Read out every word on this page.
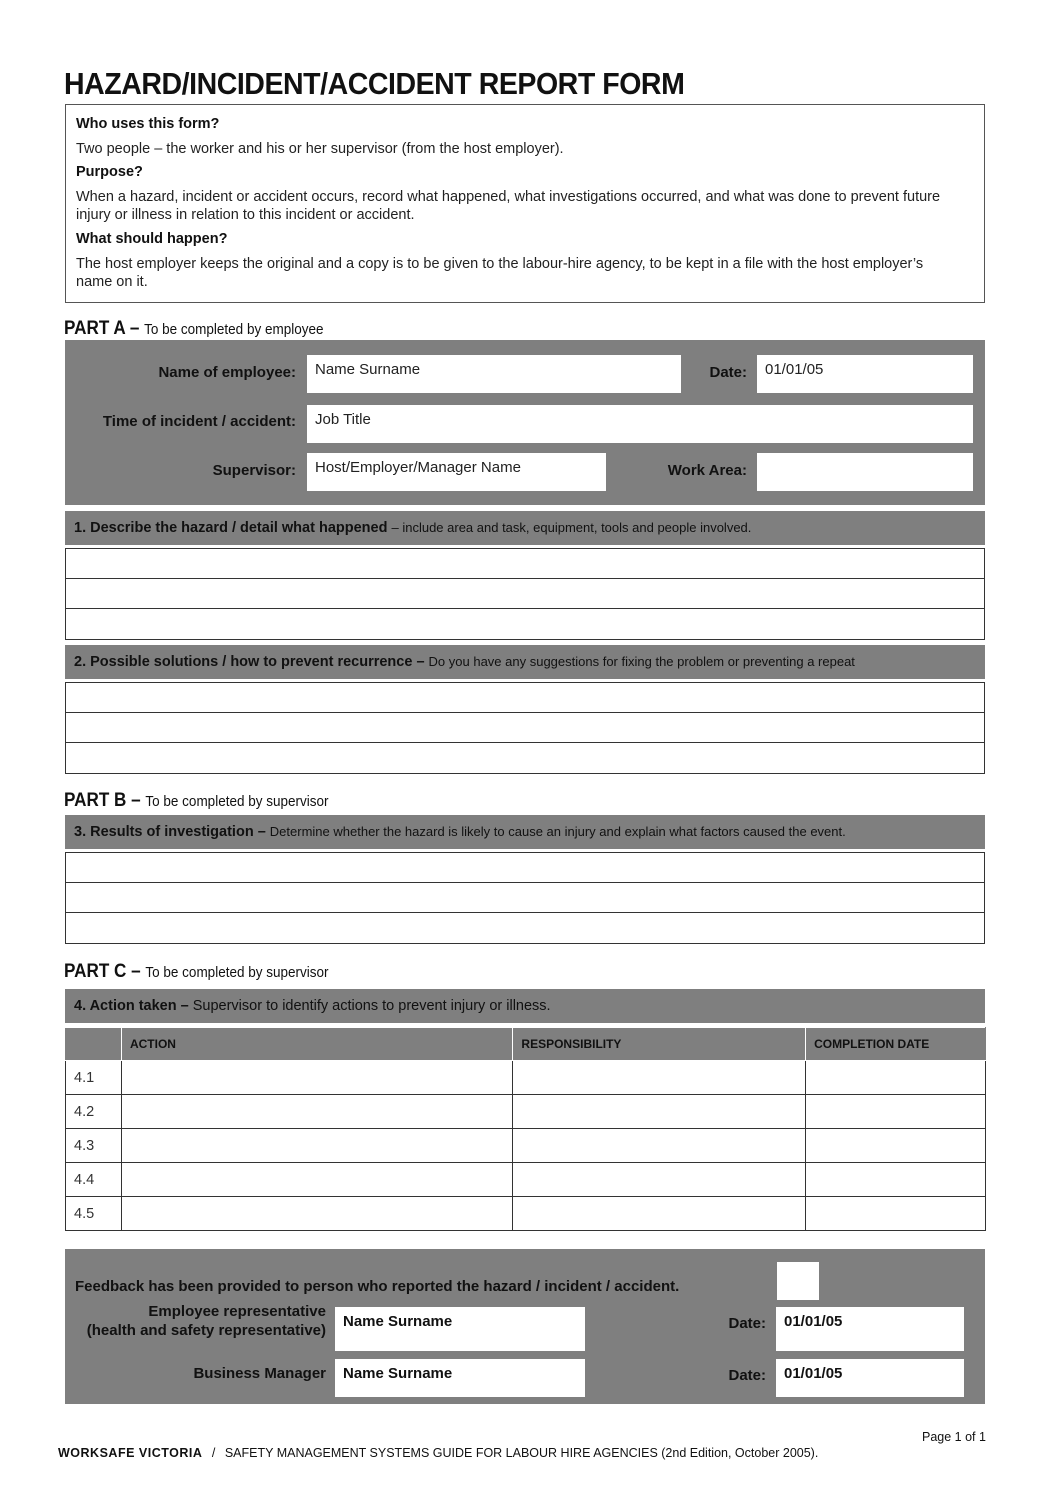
HAZARD/INCIDENT/ACCIDENT REPORT FORM
Who uses this form?
Two people – the worker and his or her supervisor (from the host employer).
Purpose?
When a hazard, incident or accident occurs, record what happened, what investigations occurred, and what was done to prevent future injury or illness in relation to this incident or accident.
What should happen?
The host employer keeps the original and a copy is to be given to the labour-hire agency, to be kept in a file with the host employer’s name on it.
PART A – To be completed by employee
Name of employee:	Name Surname	Date:	01/01/05
Time of incident / accident:	Job Title
Supervisor:	Host/Employer/Manager Name	Work Area:
1. Describe the hazard / detail what happened – include area and task, equipment, tools and people involved.
2. Possible solutions / how to prevent recurrence – Do you have any suggestions for fixing the problem or preventing a repeat
PART B – To be completed by supervisor
3. Results of investigation – Determine whether the hazard is likely to cause an injury and explain what factors caused the event.
PART C – To be completed by supervisor
4. Action taken – Supervisor to identify actions to prevent injury or illness.
	ACTION	RESPONSIBILITY	COMPLETION DATE
4.1			
4.2			
4.3			
4.4			
4.5			
Feedback has been provided to person who reported the hazard / incident / accident.
Employee representative
(health and safety representative)
Name Surname	Date:	01/01/05
Business Manager	Name Surname	Date:	01/01/05
Page 1 of 1
WORKSAFE VICTORIA / SAFETY MANAGEMENT SYSTEMS GUIDE FOR LABOUR HIRE AGENCIES (2nd Edition, October 2005).
